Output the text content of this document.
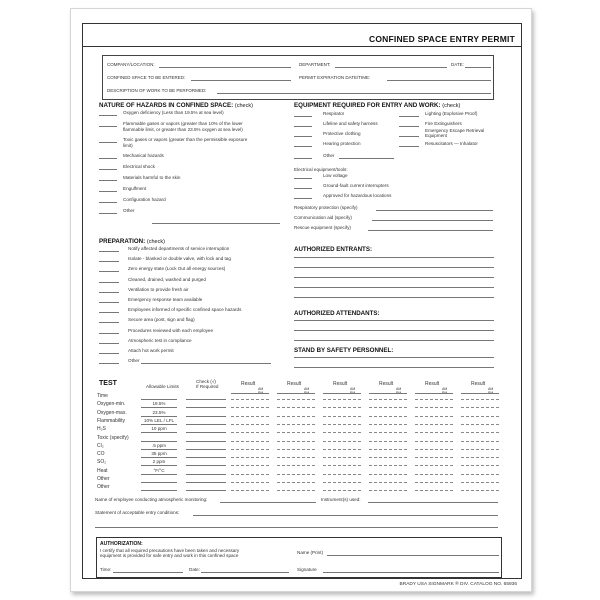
CONFINED SPACE ENTRY PERMIT
COMPANY/LOCATION:	DEPARTMENT:	DATE:
CONFINED SPACE TO BE ENTERED:	PERMIT EXPIRATION DATE/TIME:
DESCRIPTION OF WORK TO BE PERFORMED:
NATURE OF HAZARDS IN CONFINED SPACE: (check)
Oxygen deficiency (Less than 19.5% at sea level)
Flammable gases or vapors (greater than 10% of the lower
flammable limit, or greater than 23.5% oxygen at sea level)
Toxic gases or vapors (greater than the permissible exposure
limit)
Mechanical hazards
Electrical shock
Materials harmful to the skin
Engulfment
Configuration hazard
Other
EQUIPMENT REQUIRED FOR ENTRY AND WORK: (check)
Respirator
Lifeline and safety harness
Protective clothing
Hearing protection
Other
Lighting (Explosive Proof)
Fire Extinguishers
Emergency Escape Retrieval Equipment
Resuscitators — Inhalator
Electrical equipment/tools:
Low voltage
Ground-fault current interrupters
Approved for hazardous locations
Respiratory protection (specify)
Communication aid (specify)
Rescue equipment (specify)
PREPARATION: (check)
Notify affected departments of service interruption
Isolate - blanked or double valve, with lock and tag
Zero energy state (Lock Out all energy sources)
Cleaned, drained, washed and purged
Ventilation to provide fresh air
Emergency response team available
Employees informed of specific confined space hazards
Secure area (post, sign and flag)
Procedures reviewed with each employee
Atmospheric test in compliance
Attach hot work permit
Other
AUTHORIZED ENTRANTS:
AUTHORIZED ATTENDANTS:
STAND BY SAFETY PERSONNEL:
TEST	Allowable Limits
Check (√)
If Required	Result
AM
PM
Result
AM
PM
Result
AM
PM
Result
AM
PM
Result
AM
PM
Result
AM
PM
Time
Oxygen-min.	19.5%
Oxygen-max.	23.5%
Flammability	10% LEL / LFL
H₂S	10 ppm
Toxic (specify)
Cl₂	.5 ppm
CO	35 ppm
SO₂	2 ppm
Heat	°F/°C
Other
Other
Name of employee conducting atmospheric monitoring:	Instrument(s) used:
Statement of acceptable entry conditions:
AUTHORIZATION:
I certify that all required precautions have been taken and necessary
equipment is provided for safe entry and work in this confined space
Name (Print)
Time:	Date:	Signature
BRADY USA SIGNMARK ® DIV. CATALOG NO. 65936
